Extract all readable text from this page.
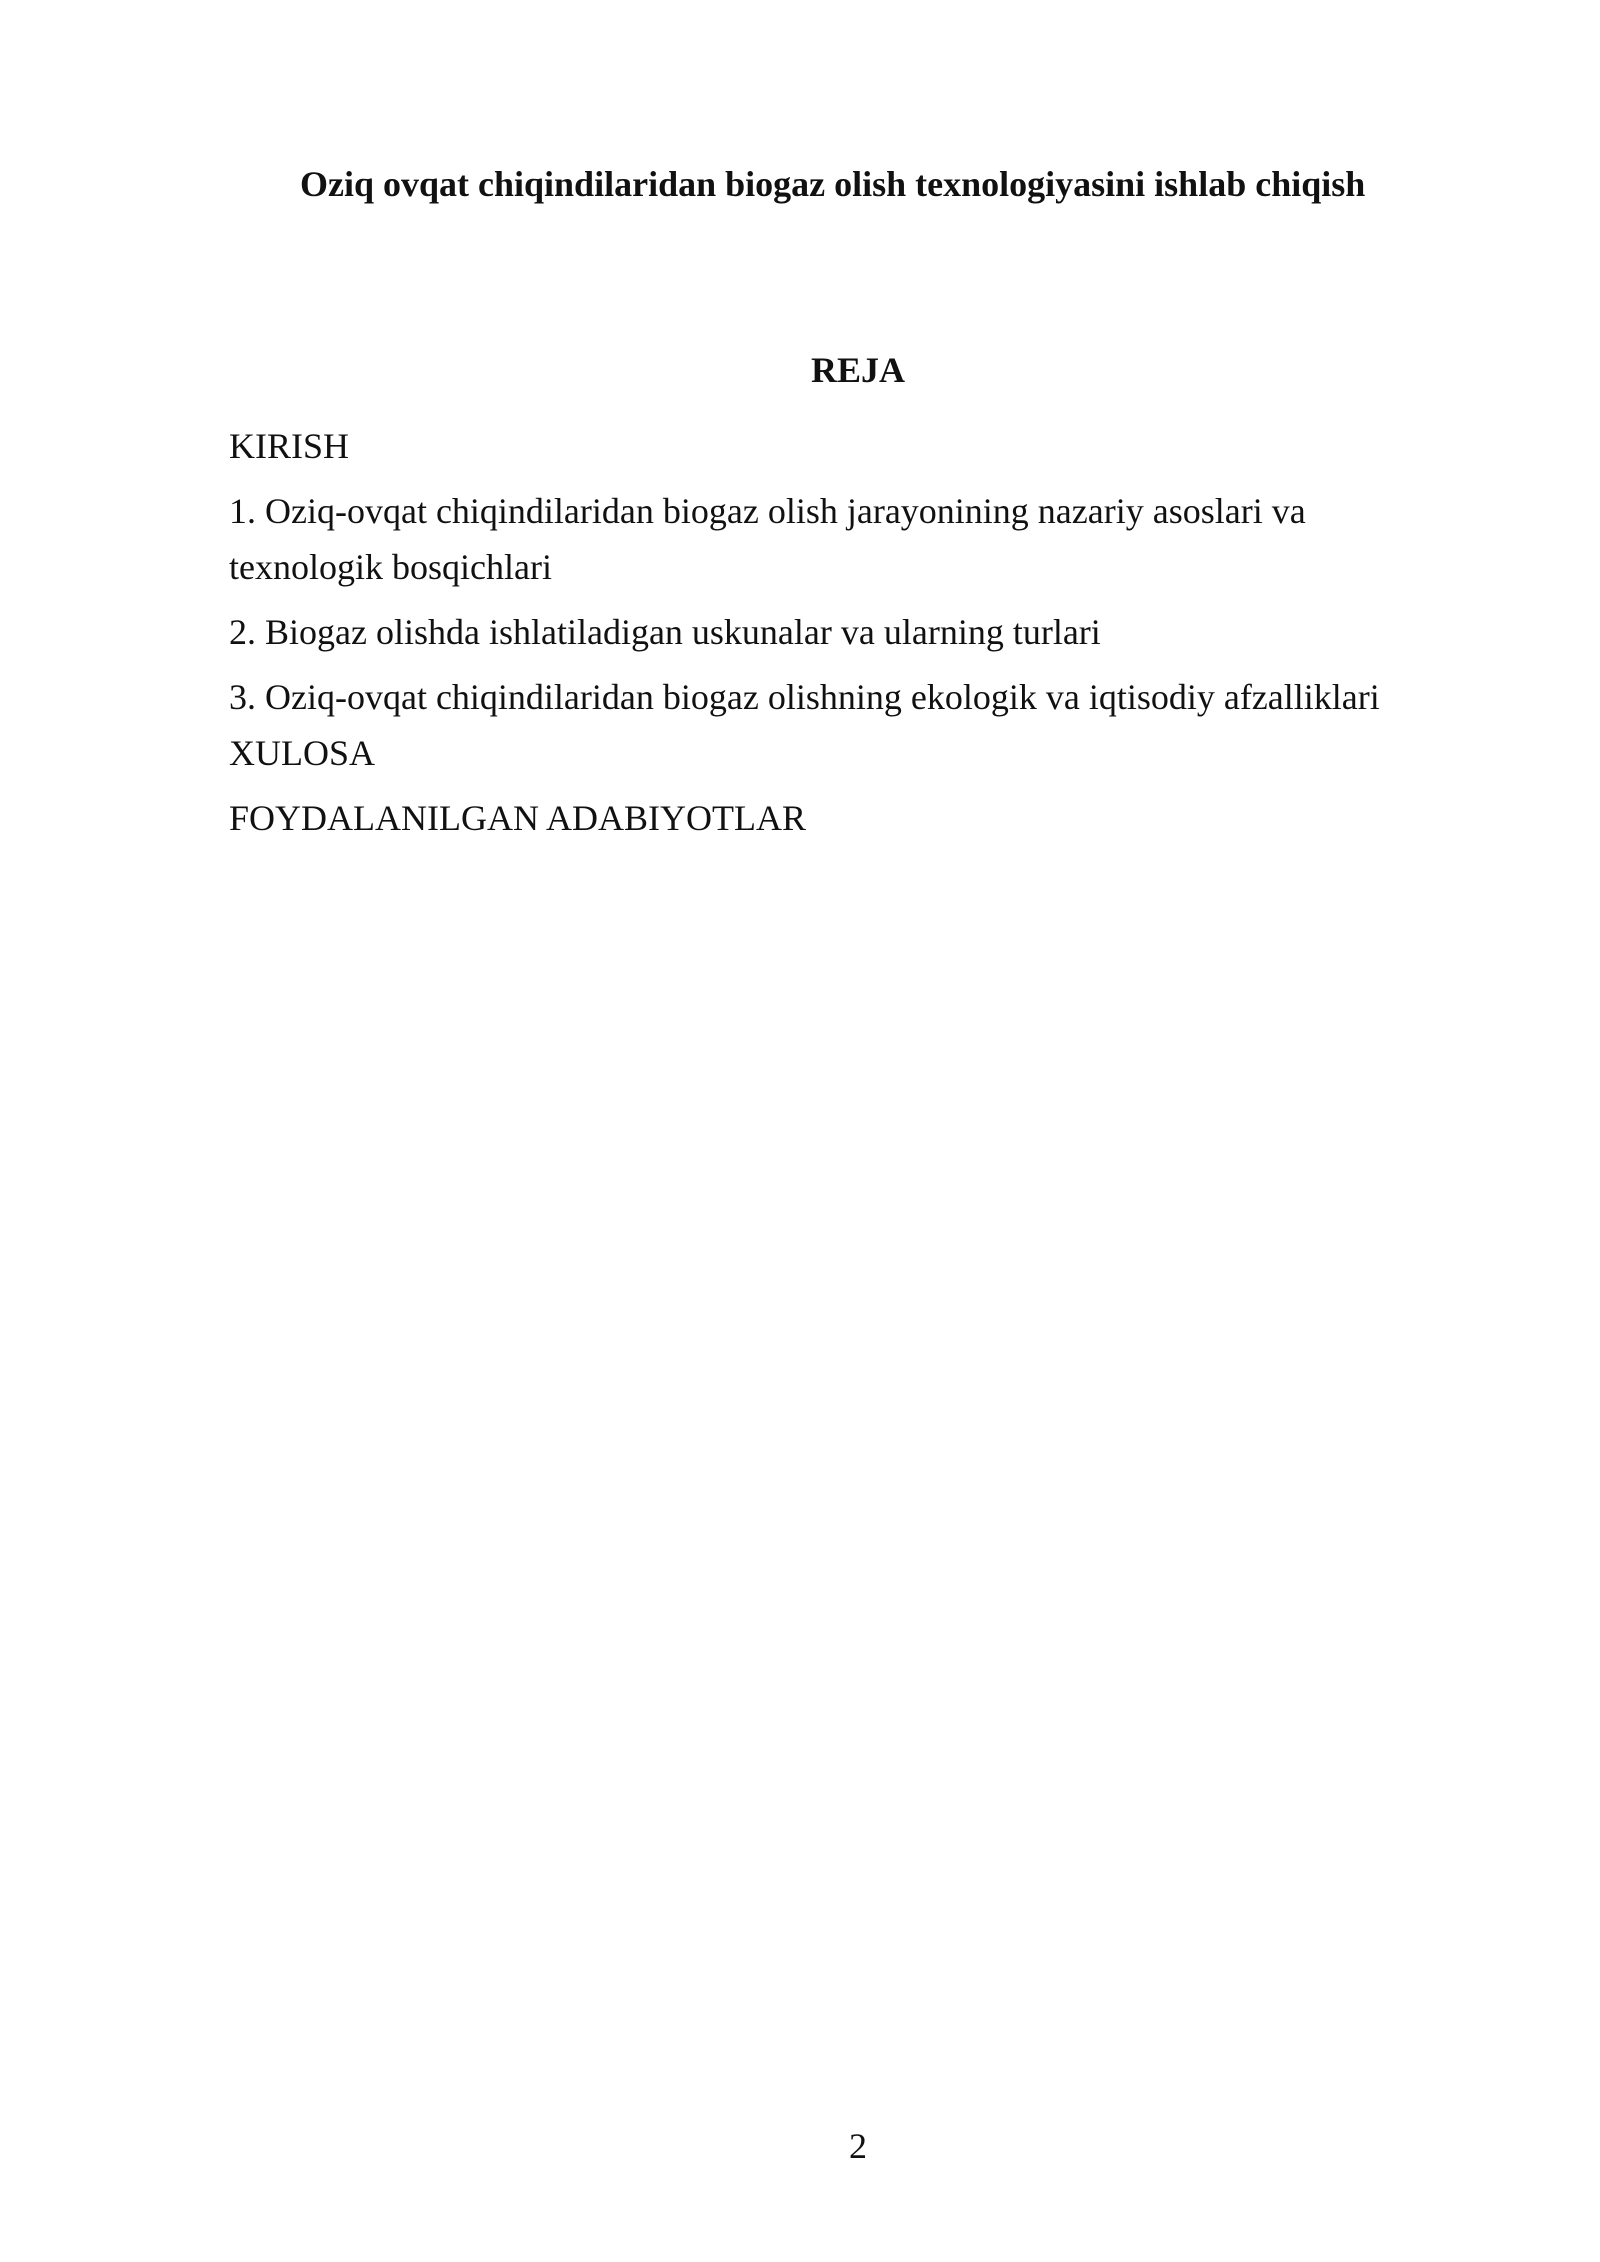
Oziq ovqat chiqindilaridan biogaz olish texnologiyasini ishlab chiqish
REJA

KIRISH

1. Oziq-ovqat chiqindilaridan biogaz olish jarayonining nazariy asoslari va texnologik bosqichlari

2. Biogaz olishda ishlatiladigan uskunalar va ularning turlari

3. Oziq-ovqat chiqindilaridan biogaz olishning ekologik va iqtisodiy afzalliklari

XULOSA

FOYDALANILGAN ADABIYOTLAR

2
